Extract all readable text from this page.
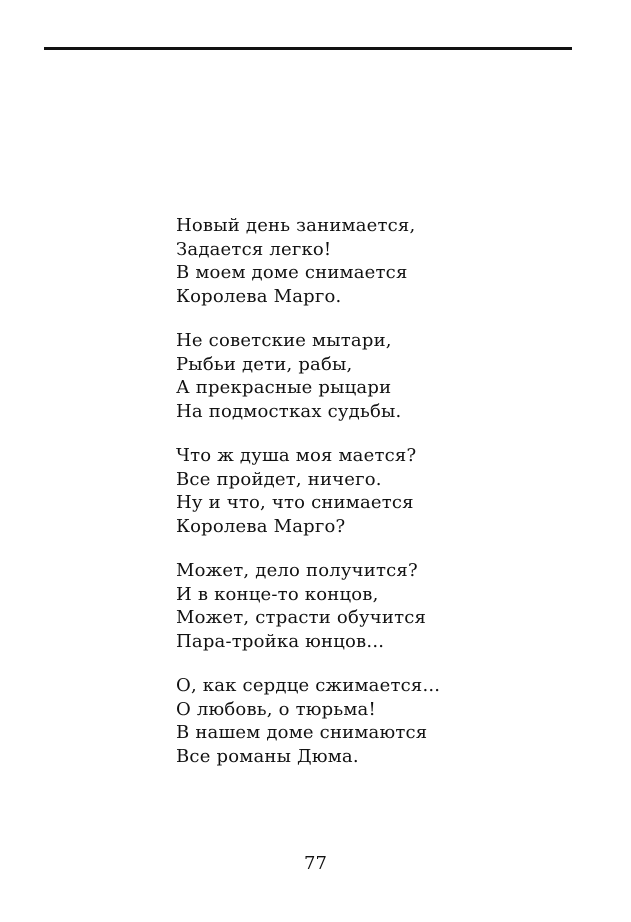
Новый день занимается,
Задается легко!
В моем доме снимается
Королева Марго.
Не советские мытари,
Рыбьи дети, рабы,
А прекрасные рыцари
На подмостках судьбы.
Что ж душа моя мается?
Все пройдет, ничего.
Ну и что, что снимается
Королева Марго?
Может, дело получится?
И в конце-то концов,
Может, страсти обучится
Пара-тройка юнцов...
О, как сердце сжимается...
О любовь, о тюрьма!
В нашем доме снимаются
Все романы Дюма.
77
